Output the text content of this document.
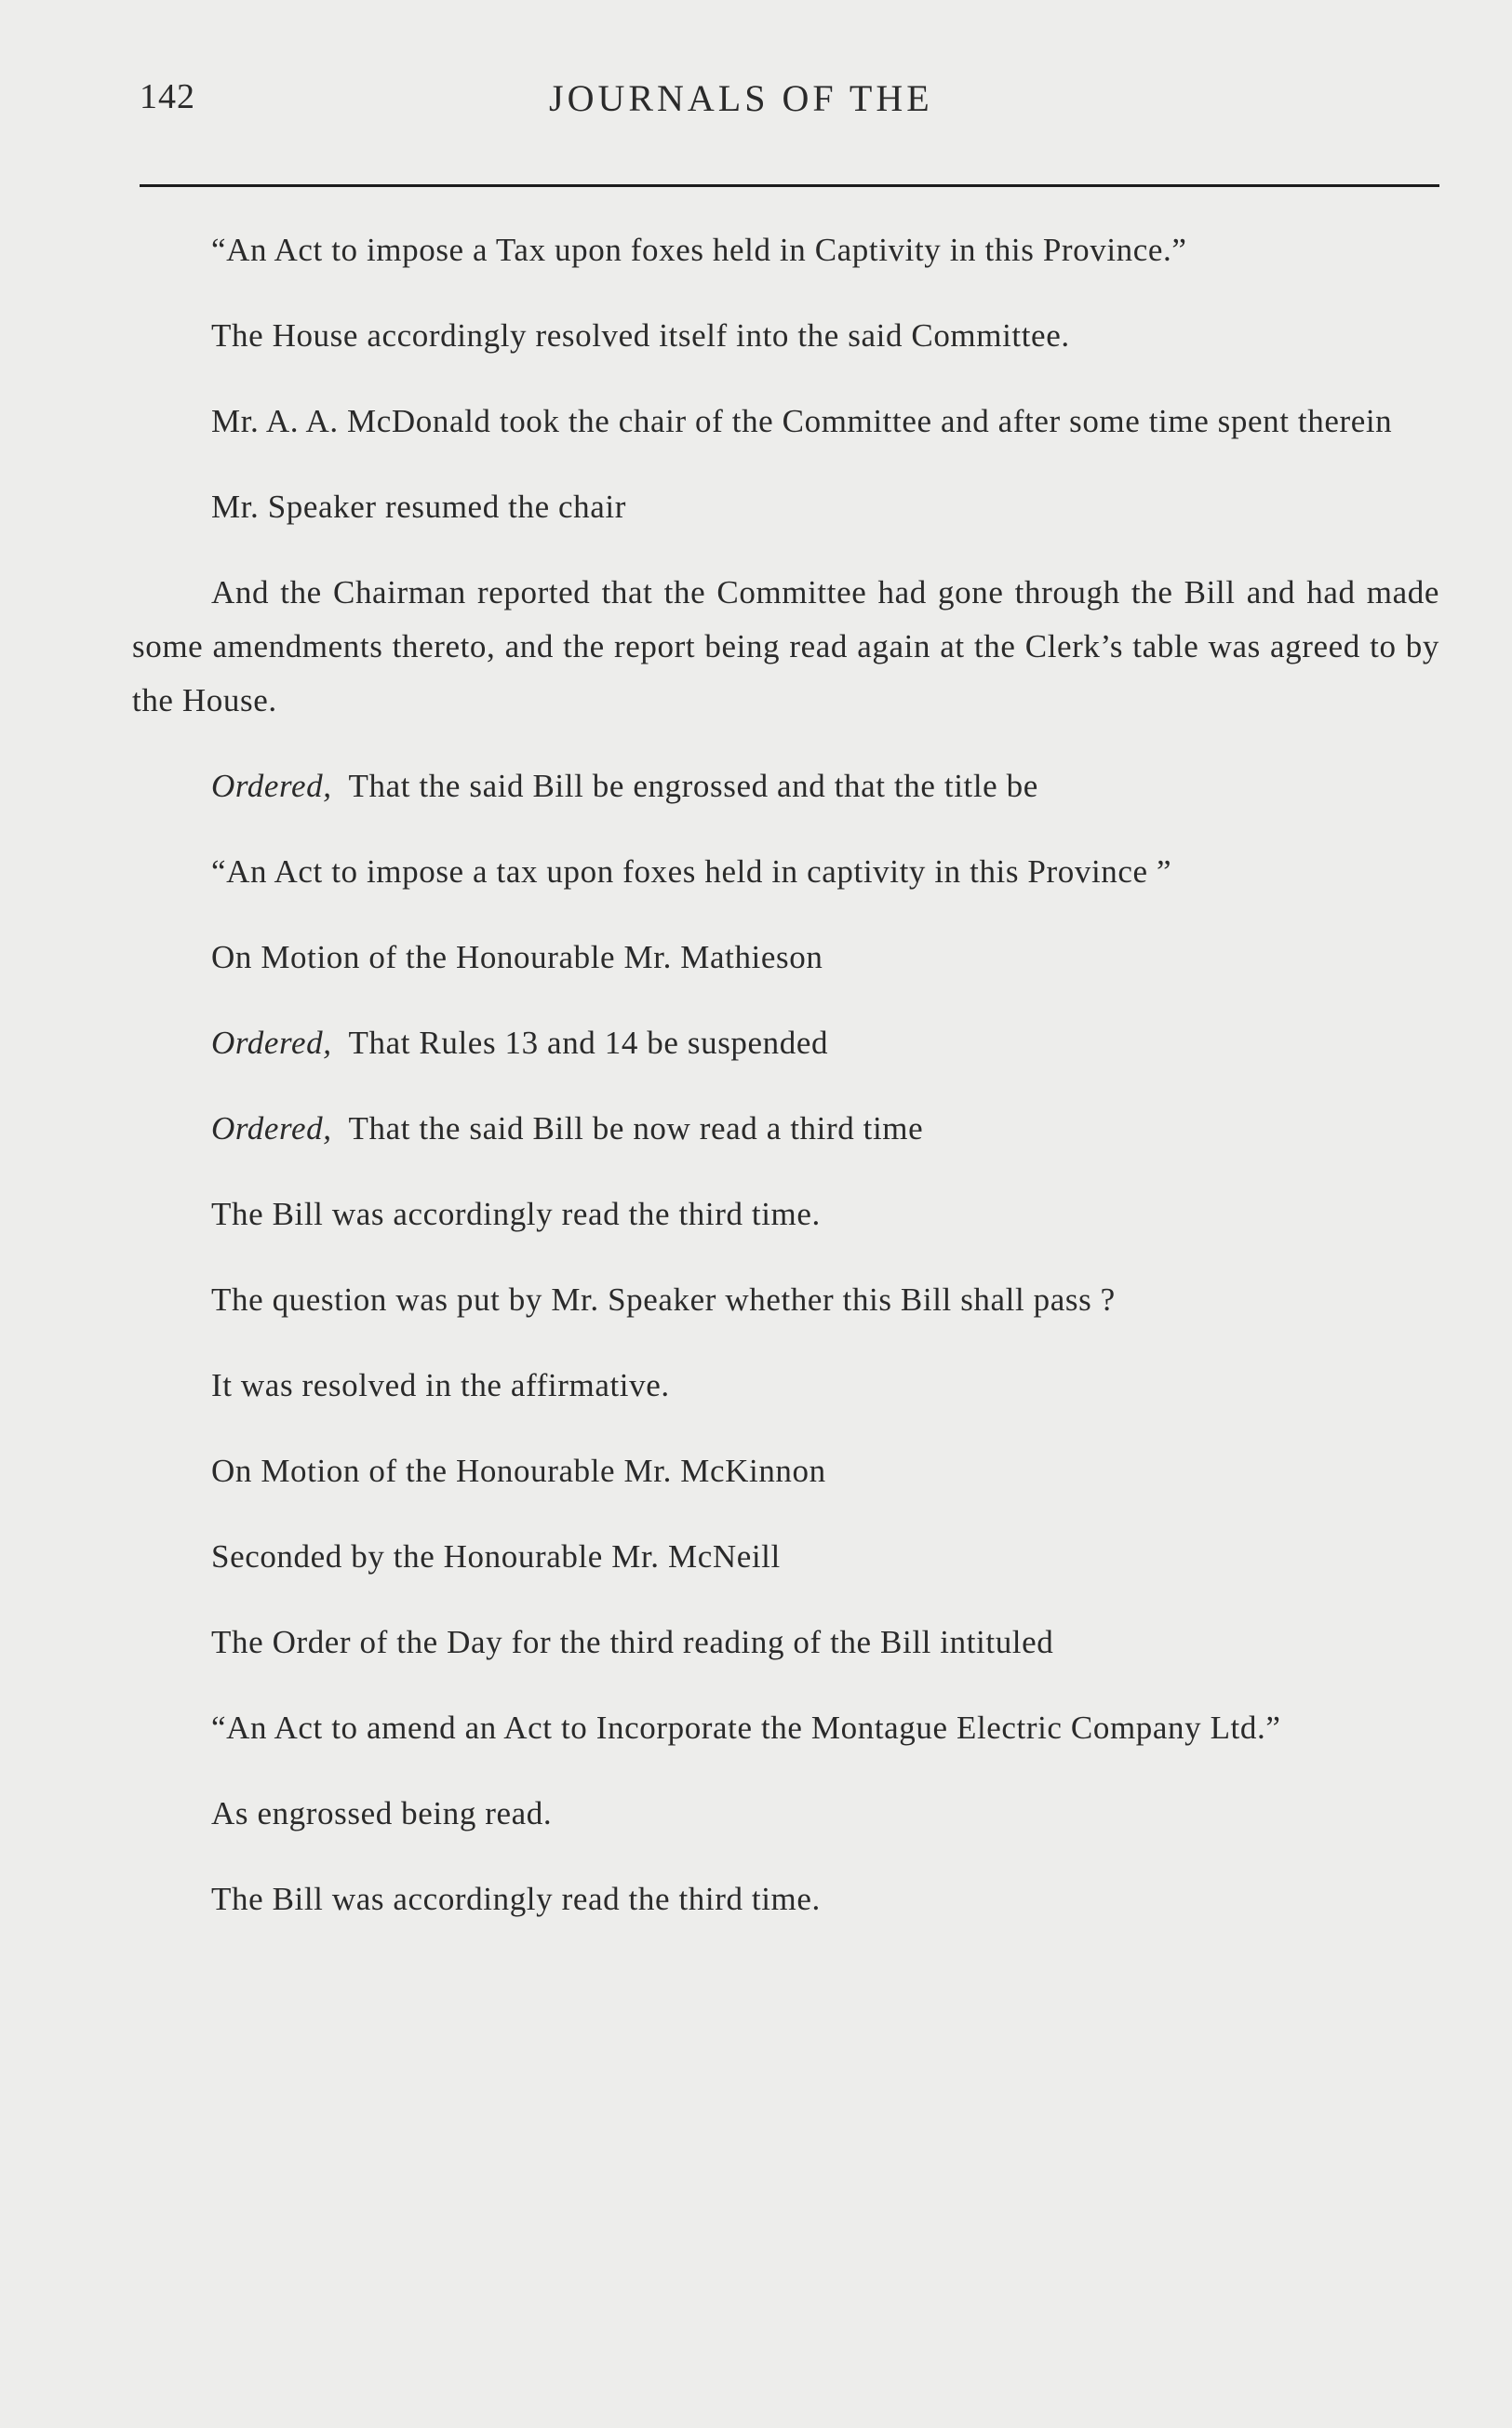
142	JOURNALS OF THE

“An Act to impose a Tax upon foxes held in Captivity in this Province.”

The House accordingly resolved itself into the said Committee.

Mr. A. A. McDonald took the chair of the Committee and after some time spent therein

Mr. Speaker resumed the chair

And the Chairman reported that the Committee had gone through the Bill and had made some amendments thereto, and the report being read again at the Clerk’s table was agreed to by the House.

Ordered, That the said Bill be engrossed and that the title be

“An Act to impose a tax upon foxes held in captivity in this Province ”

On Motion of the Honourable Mr. Mathieson

Ordered, That Rules 13 and 14 be suspended

Ordered, That the said Bill be now read a third time

The Bill was accordingly read the third time.

The question was put by Mr. Speaker whether this Bill shall pass ?

It was resolved in the affirmative.

On Motion of the Honourable Mr. McKinnon

Seconded by the Honourable Mr. McNeill

The Order of the Day for the third reading of the Bill intituled

“An Act to amend an Act to Incorporate the Montague Electric Company Ltd.”

As engrossed being read.

The Bill was accordingly read the third time.
